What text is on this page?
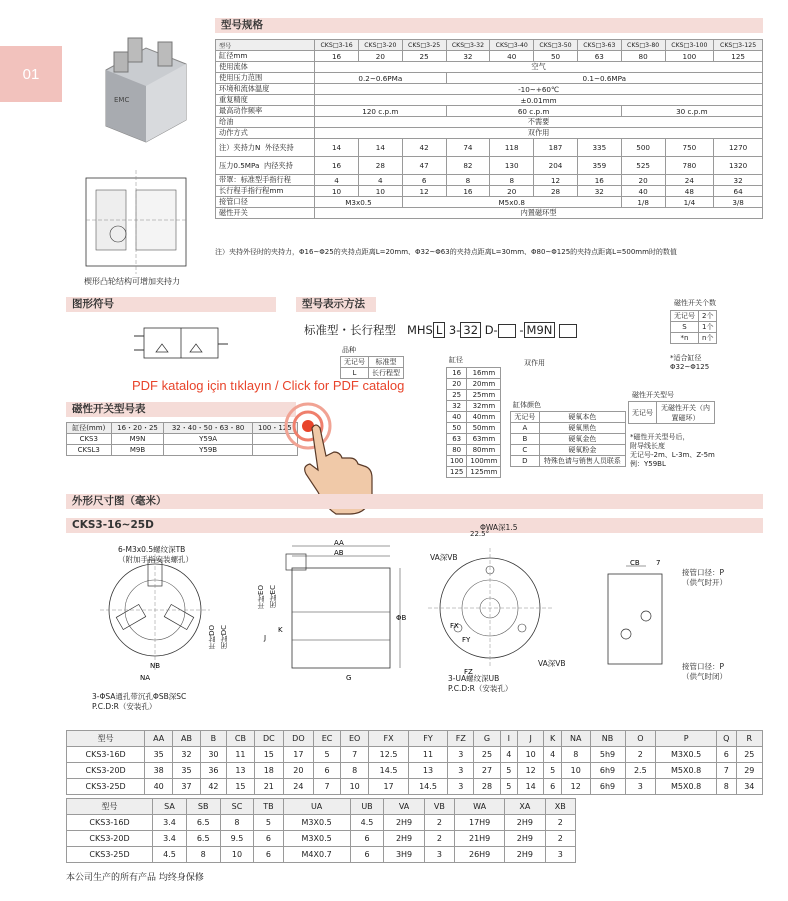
01
EMC
楔形凸轮结构可增加夹持力
型号规格
型号	CKS□3-16	CKS□3-20	CKS□3-25	CKS□3-32	CKS□3-40	CKS□3-50	CKS□3-63	CKS□3-80	CKS□3-100	CKS□3-125
缸径mm	16	20	25	32	40	50	63	80	100	125
使用流体	空气									
使用压力范围	0.2~0.6PMa			0.1~0.6MPa						
环境和流体温度	-10~+60℃									
重复精度	±0.01mm									
最高动作频率	120 c.p.m			60 c.p.m				30 c.p.m		
给油	不需要									
动作方式	双作用									
注）夹持力N 外径夹持	14	14	42	74	118	187	335	500	750	1270
压力0.5MPa 内径夹持	16	28	47	82	130	204	359	525	780	1320
带罩：标准型手指行程	4	4	6	8	8	12	16	20	24	32
长行程手指行程mm	10	10	12	16	20	28	32	40	48	64
接管口径	M3x0.5		M5x0.8					1/8	1/4	3/8
磁性开关	内置磁环型									
注）夹持外径时的夹持力，Φ16~Φ25的夹持点距离L=20mm、Φ32~Φ63的夹持点距离L=30mm、Φ80~Φ125的夹持点距离L=500mm时的数值
图形符号	型号表示方法
标准型・长行程型 MHS L 3- 32 D- - M9N
品种
无记号	标准型
L	长行程型
缸径	双作用
16	16mm
20	20mm
25	25mm
32	32mm
40	40mm
50	50mm
63	63mm
80	80mm
100	100mm
125	125mm
缸体颜色
无记号	硬氧本色
A	硬氧黑色
B	硬氧金色
C	硬氧粉金
D	特殊色请与销售人员联系
磁性开关个数
无记号	2个
S	1个
*n	n个
*适合缸径
Φ32~Φ125
磁性开关型号
无记号	无磁性开关（内置磁环）
*磁性开关型号后，
附导线长度
无记号-2m、L-3m、Z-5m
例：Y59BL
磁性开关型号表
缸径(mm)	16・20・25	32・40・50・63・80	100・125
CKS3	M9N	Y59A	
CKSL3	M9B	Y59B	
PDF katalog için tıklayın / Click for PDF catalog
外形尺寸图（毫米）
CKS3-16~25D
NB
NA
6-M3x0.5螺纹深TB
（附加手指安装螺孔）
3-ΦSA通孔带沉孔ΦSB深SC
P.C.D:R（安装孔）
AA
AB
ΦB
G
J
K
开时EO 闭时EC
开时DO 闭时DC	FX
FY
FZ
ΦWA深1.5
22.5°
VA深VB
VA深VB
3-UA螺纹深UB
P.C.D:R（安装孔）
CB 7
接管口径：P
（供气时开）
接管口径：P
（供气时闭）
型号	AA	AB	B	CB	DC	DO	EC	EO	FX	FY	FZ	G	I	J	K	NA	NB	O	P	Q	R
CKS3-16D	35	32	30	11	15	17	5	7	12.5	11	3	25	4	10	4	8	5h9	2	M3X0.5	6	25
CKS3-20D	38	35	36	13	18	20	6	8	14.5	13	3	27	5	12	5	10	6h9	2.5	M5X0.8	7	29
CKS3-25D	40	37	42	15	21	24	7	10	17	14.5	3	28	5	14	6	12	6h9	3	M5X0.8	8	34
型号	SA	SB	SC	TB	UA	UB	VA	VB	WA	XA	XB
CKS3-16D	3.4	6.5	8	5	M3X0.5	4.5	2H9	2	17H9	2H9	2
CKS3-20D	3.4	6.5	9.5	6	M3X0.5	6	2H9	2	21H9	2H9	2
CKS3-25D	4.5	8	10	6	M4X0.7	6	3H9	3	26H9	2H9	3
本公司生产的所有产品 均终身保修
